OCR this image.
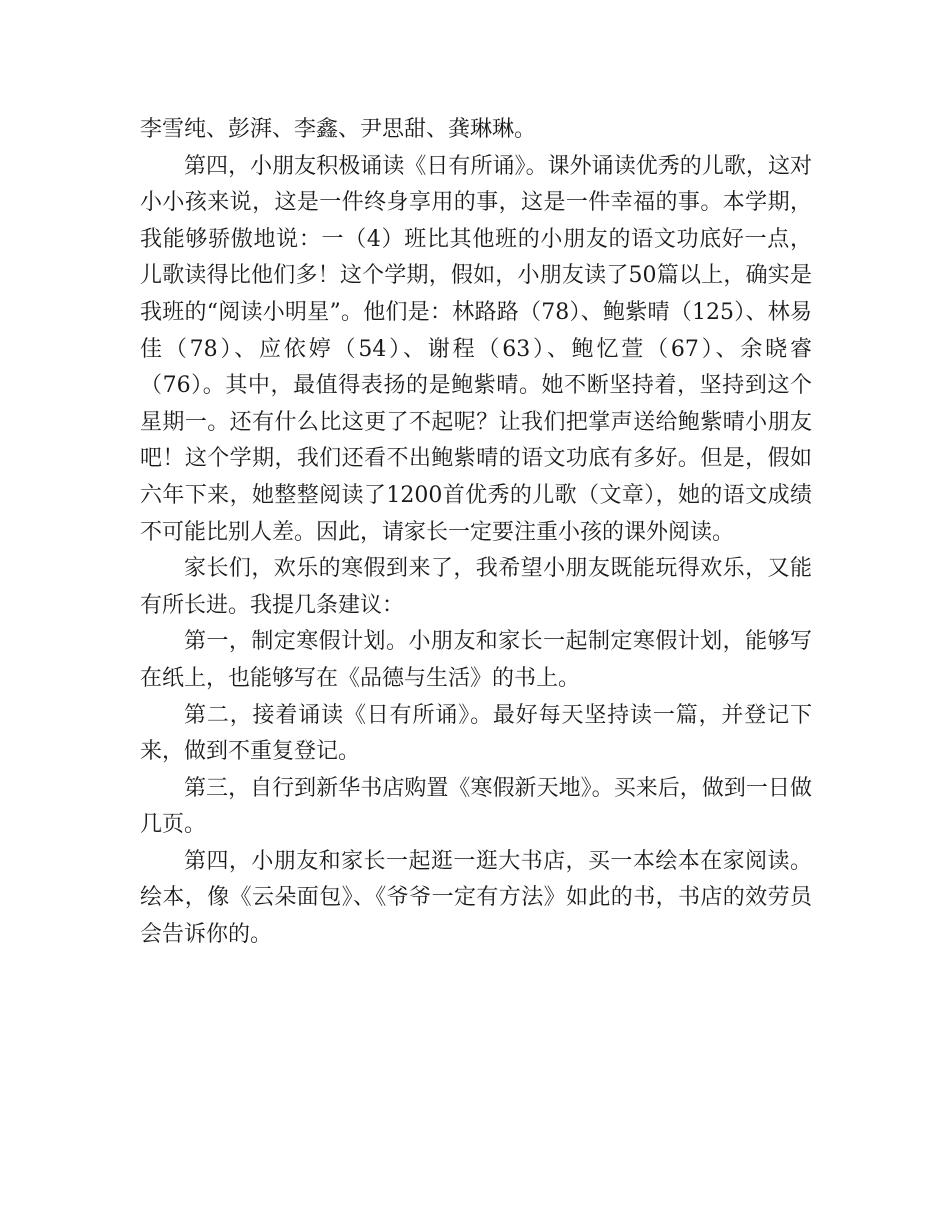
李雪纯、彭湃、李鑫、尹思甜、龚琳琳。

第四，小朋友积极诵读《日有所诵》。课外诵读优秀的儿歌，这对小小孩来说，这是一件终身享用的事，这是一件幸福的事。本学期，我能够骄傲地说：一（4）班比其他班的小朋友的语文功底好一点，儿歌读得比他们多！这个学期，假如，小朋友读了50篇以上，确实是我班的“阅读小明星”。他们是：林路路（78）、鲍紫晴（125）、林易佳（78）、应依婷（54）、谢程（63）、鲍忆萱（67）、余晓睿（76）。其中，最值得表扬的是鲍紫晴。她不断坚持着，坚持到这个星期一。还有什么比这更了不起呢？让我们把掌声送给鲍紫晴小朋友吧！这个学期，我们还看不出鲍紫晴的语文功底有多好。但是，假如六年下来，她整整阅读了1200首优秀的儿歌（文章），她的语文成绩不可能比别人差。因此，请家长一定要注重小孩的课外阅读。

家长们，欢乐的寒假到来了，我希望小朋友既能玩得欢乐，又能有所长进。我提几条建议：

第一，制定寒假计划。小朋友和家长一起制定寒假计划，能够写在纸上，也能够写在《品德与生活》的书上。

第二，接着诵读《日有所诵》。最好每天坚持读一篇，并登记下来，做到不重复登记。

第三，自行到新华书店购置《寒假新天地》。买来后，做到一日做几页。

第四，小朋友和家长一起逛一逛大书店，买一本绘本在家阅读。绘本，像《云朵面包》、《爷爷一定有方法》如此的书，书店的效劳员会告诉你的。
